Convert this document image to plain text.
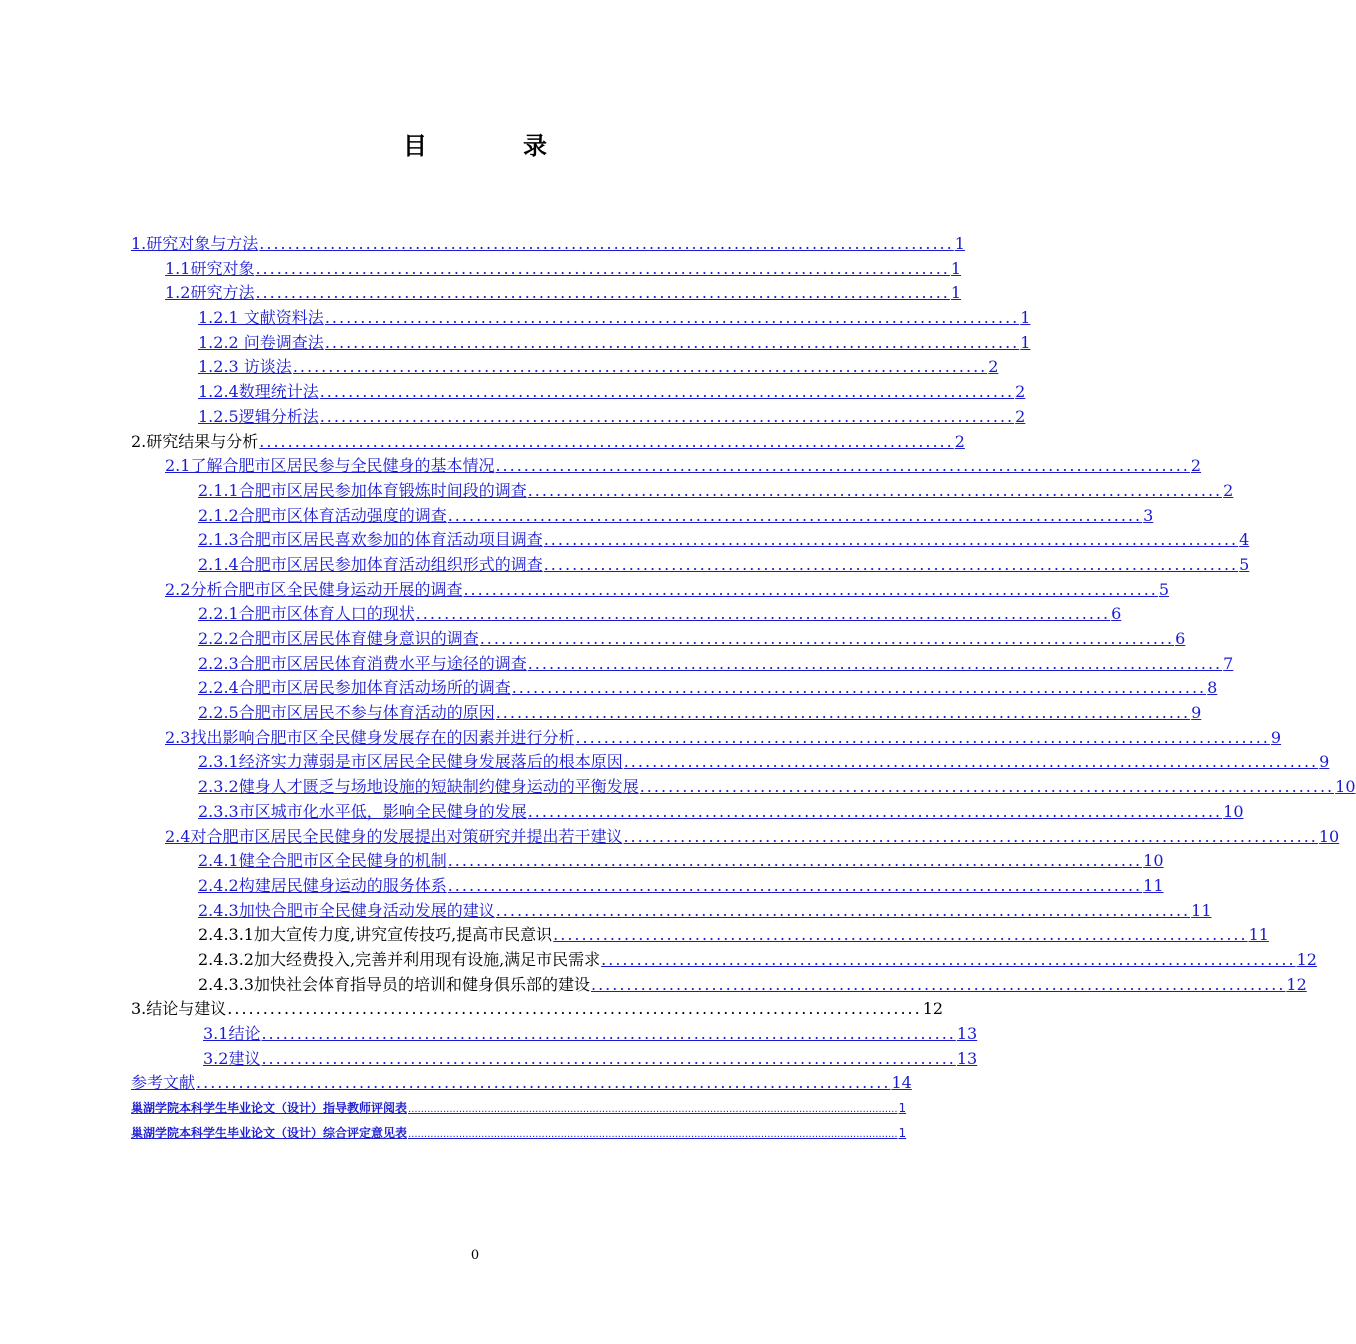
目　录
1.研究对象与方法 .................................................................................................. 1
1.1研究对象 .................................................................................................. 1
1.2研究方法 .................................................................................................. 1
1.2.1 文献资料法 .................................................................................................. 1
1.2.2 问卷调查法 .................................................................................................. 1
1.2.3 访谈法 .................................................................................................. 2
1.2.4数理统计法 .................................................................................................. 2
1.2.5逻辑分析法 .................................................................................................. 2
2.研究结果与分析 .................................................................................................. 2
2.1了解合肥市区居民参与全民健身的基本情况 .................................................................................................. 2
2.1.1合肥市区居民参加体育锻炼时间段的调查 .................................................................................................. 2
2.1.2合肥市区体育活动强度的调查 .................................................................................................. 3
2.1.3合肥市区居民喜欢参加的体育活动项目调查 .................................................................................................. 4
2.1.4合肥市区居民参加体育活动组织形式的调查 .................................................................................................. 5
2.2分析合肥市区全民健身运动开展的调查 .................................................................................................. 5
2.2.1合肥市区体育人口的现状 .................................................................................................. 6
2.2.2合肥市区居民体育健身意识的调查 .................................................................................................. 6
2.2.3合肥市区居民体育消费水平与途径的调查 .................................................................................................. 7
2.2.4合肥市区居民参加体育活动场所的调查 .................................................................................................. 8
2.2.5合肥市区居民不参与体育活动的原因 .................................................................................................. 9
2.3找出影响合肥市区全民健身发展存在的因素并进行分析 .................................................................................................. 9
2.3.1经济实力薄弱是市区居民全民健身发展落后的根本原因 .................................................................................................. 9
2.3.2健身人才匮乏与场地设施的短缺制约健身运动的平衡发展 .................................................................................................. 10
2.3.3市区城市化水平低，影响全民健身的发展 .................................................................................................. 10
2.4对合肥市区居民全民健身的发展提出对策研究并提出若干建议 .................................................................................................. 10
2.4.1健全合肥市区全民健身的机制 .................................................................................................. 10
2.4.2构建居民健身运动的服务体系 .................................................................................................. 11
2.4.3加快合肥市全民健身活动发展的建议 .................................................................................................. 11
2.4.3.1加大宣传力度,讲究宣传技巧,提高市民意识 .................................................................................................. 11
2.4.3.2加大经费投入,完善并利用现有设施,满足市民需求 .................................................................................................. 12
2.4.3.3加快社会体育指导员的培训和健身俱乐部的建设 .................................................................................................. 12
3.结论与建议 .................................................................................................. 12
3.1结论 .................................................................................................. 13
3.2建议 .................................................................................................. 13
参考文献 .................................................................................................. 14
巢湖学院本科学生毕业论文（设计）指导教师评阅表 .......................................................................................................................................................... 1
巢湖学院本科学生毕业论文（设计）综合评定意见表 .......................................................................................................................................................... 1
0
